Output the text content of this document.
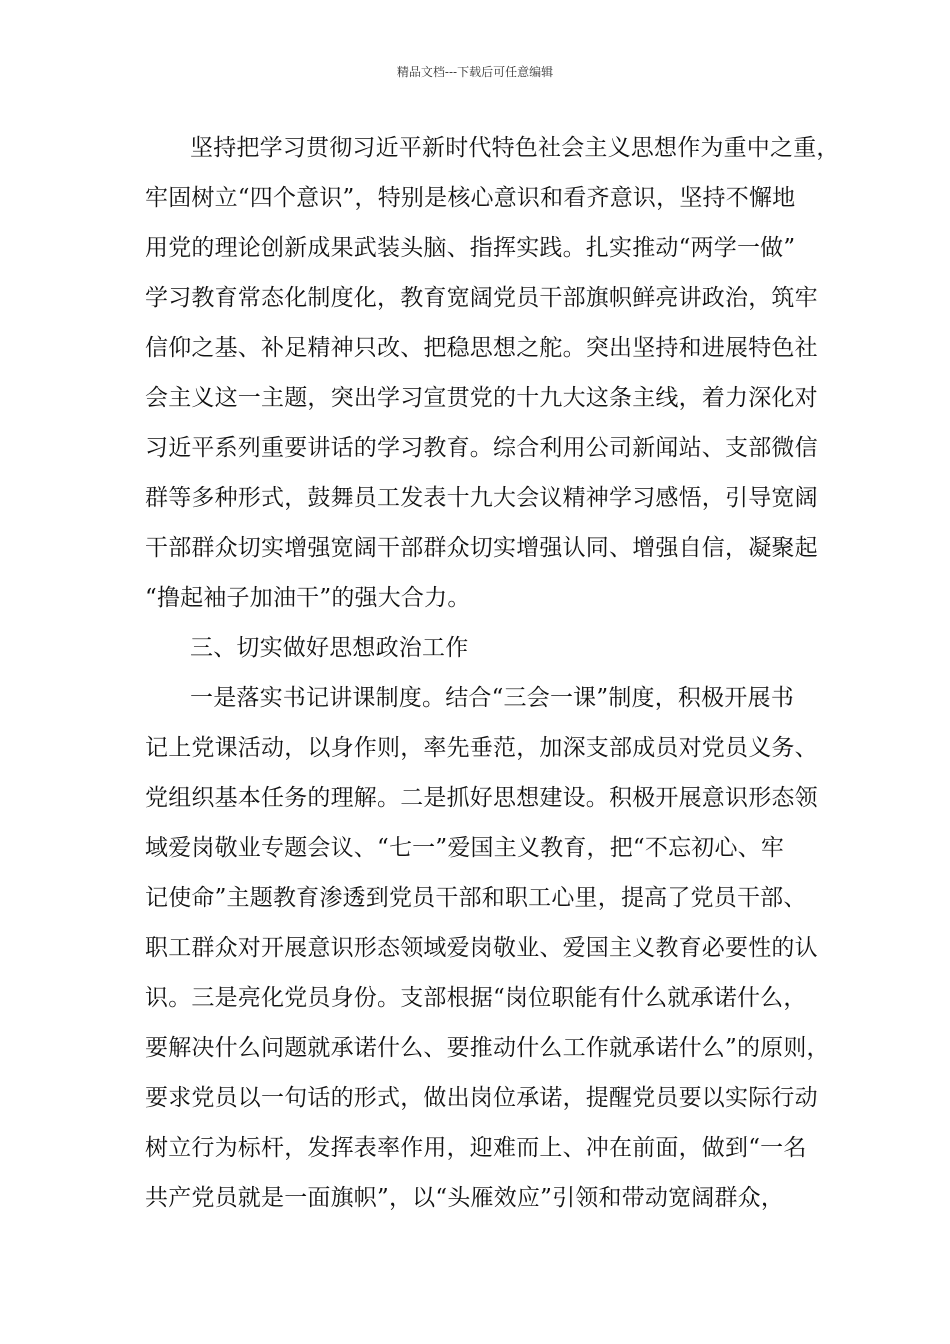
精品文档---下载后可任意编辑
坚持把学习贯彻习近平新时代特色社会主义思想作为重中之重，
牢固树立“四个意识”，特别是核心意识和看齐意识，坚持不懈地
用党的理论创新成果武装头脑、指挥实践。扎实推动“两学一做”
学习教育常态化制度化，教育宽阔党员干部旗帜鲜亮讲政治，筑牢
信仰之基、补足精神只改、把稳思想之舵。突出坚持和进展特色社
会主义这一主题，突出学习宣贯党的十九大这条主线，着力深化对
习近平系列重要讲话的学习教育。综合利用公司新闻站、支部微信
群等多种形式，鼓舞员工发表十九大会议精神学习感悟，引导宽阔
干部群众切实增强宽阔干部群众切实增强认同、增强自信，凝聚起
“撸起袖子加油干”的强大合力。
三、切实做好思想政治工作
一是落实书记讲课制度。结合“三会一课”制度，积极开展书
记上党课活动，以身作则，率先垂范，加深支部成员对党员义务、
党组织基本任务的理解。二是抓好思想建设。积极开展意识形态领
域爱岗敬业专题会议、“七一”爱国主义教育，把“不忘初心、牢
记使命”主题教育渗透到党员干部和职工心里，提高了党员干部、
职工群众对开展意识形态领域爱岗敬业、爱国主义教育必要性的认
识。三是亮化党员身份。支部根据“岗位职能有什么就承诺什么，
要解决什么问题就承诺什么、要推动什么工作就承诺什么”的原则，
要求党员以一句话的形式，做出岗位承诺，提醒党员要以实际行动
树立行为标杆，发挥表率作用，迎难而上、冲在前面，做到“一名
共产党员就是一面旗帜”，以“头雁效应”引领和带动宽阔群众，
